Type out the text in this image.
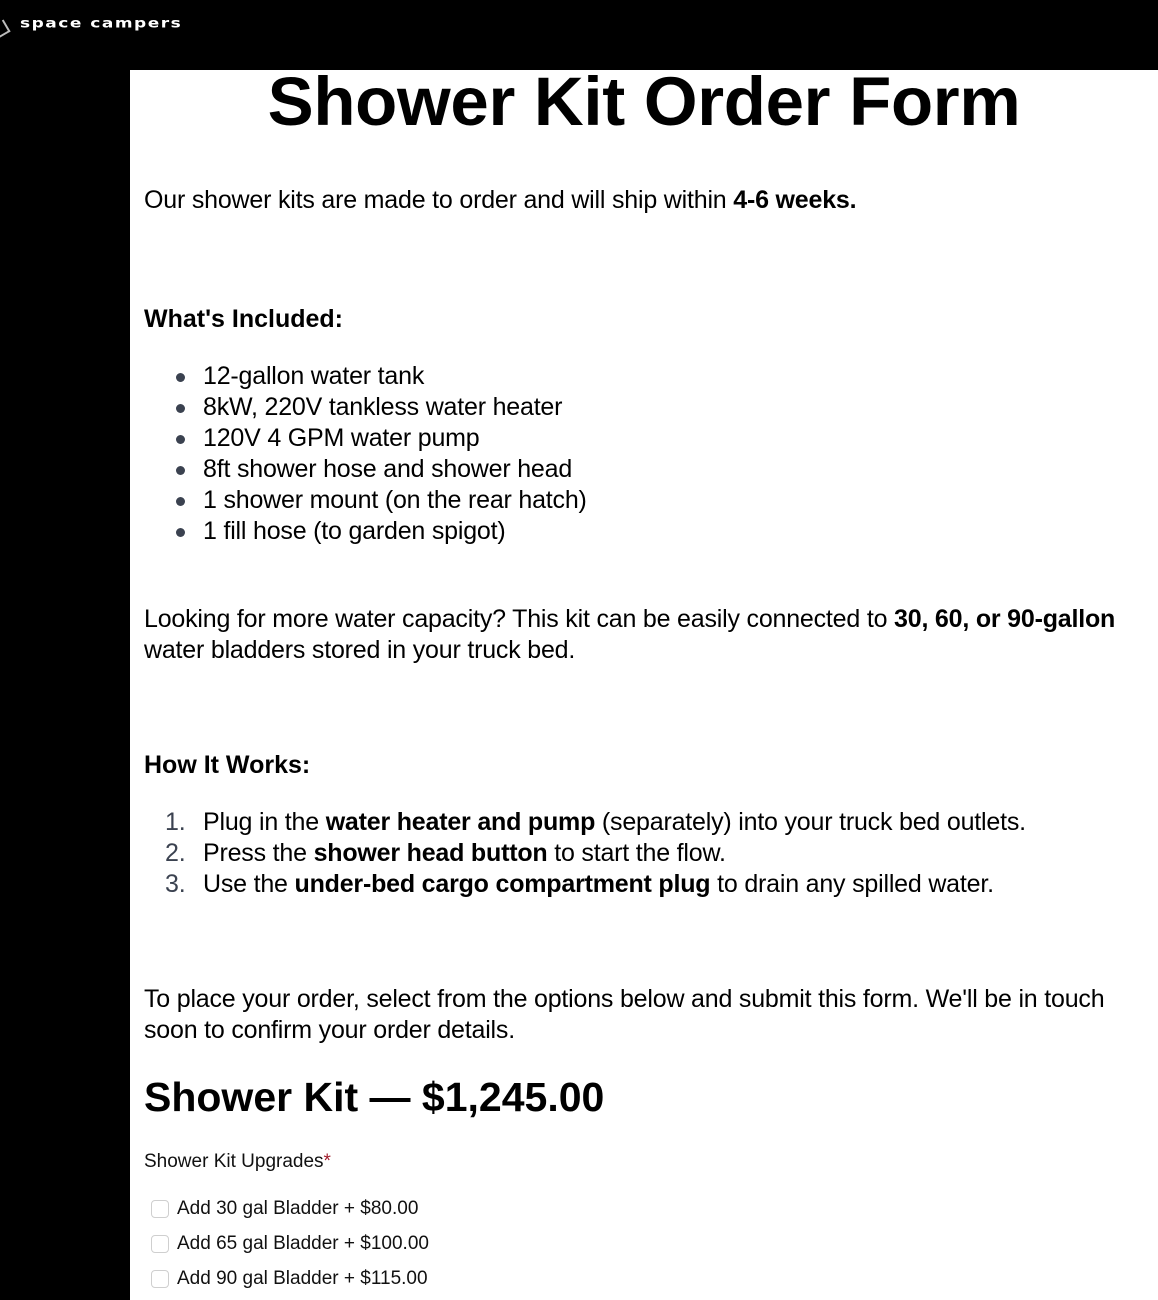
space campers
Shower Kit Order Form

Our shower kits are made to order and will ship within 4-6 weeks.

What's Included:
12-gallon water tank
8kW, 220V tankless water heater
120V 4 GPM water pump
8ft shower hose and shower head
1 shower mount (on the rear hatch)
1 fill hose (to garden spigot)

Looking for more water capacity? This kit can be easily connected to 30, 60, or 90-gallon water bladders stored in your truck bed.

How It Works:
1. Plug in the water heater and pump (separately) into your truck bed outlets.
2. Press the shower head button to start the flow.
3. Use the under-bed cargo compartment plug to drain any spilled water.

To place your order, select from the options below and submit this form. We'll be in touch soon to confirm your order details.

Shower Kit — $1,245.00
Shower Kit Upgrades*
Add 30 gal Bladder + $80.00
Add 65 gal Bladder + $100.00
Add 90 gal Bladder + $115.00
